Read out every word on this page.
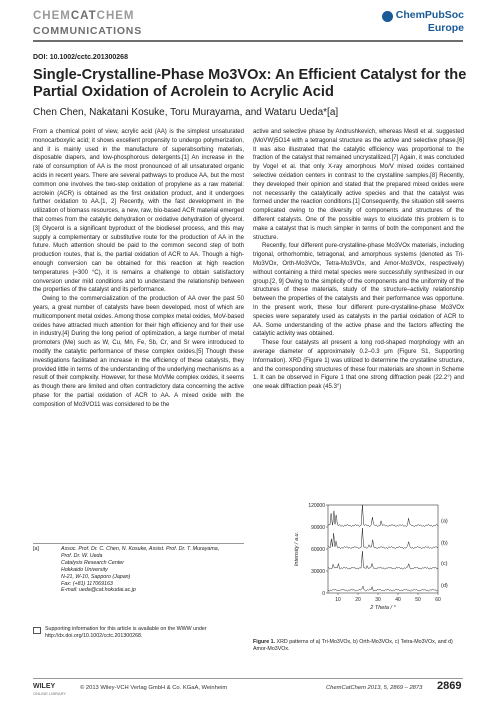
CHEMCATCHEM
COMMUNICATIONS
ChemPubSoc
Europe
DOI: 10.1002/cctc.201300268
Single-Crystalline-Phase Mo3VOx: An Efficient Catalyst for the Partial Oxidation of Acrolein to Acrylic Acid
Chen Chen, Nakatani Kosuke, Toru Murayama, and Wataru Ueda*[a]

From a chemical point of view, acrylic acid (AA) is the simplest unsaturated monocarboxylic acid; it shows excellent propensity to undergo polymerization, and it is mainly used in the manufacture of superabsorbing materials, disposable diapers, and low-phosphorous detergents.[1] An increase in the rate of consumption of AA is the most pronounced of all unsaturated organic acids in recent years. There are several pathways to produce AA, but the most common one involves the two-step oxidation of propylene as a raw material: acrolein (ACR) is obtained as the first oxidation product, and it undergoes further oxidation to AA.[1, 2] Recently, with the fast development in the utilization of biomass resources, a new, raw, bio-based ACR material emerged that comes from the catalytic dehydration or oxidative dehydration of glycerol.[3] Glycerol is a significant byproduct of the biodiesel process, and this may supply a complementary or substitutive route for the production of AA in the future. Much attention should be paid to the common second step of both production routes, that is, the partial oxidation of ACR to AA. Though a high-enough conversion can be obtained for this reaction at high reaction temperatures (≈300 °C), it is remains a challenge to obtain satisfactory conversion under mild conditions and to understand the relationship between the properties of the catalyst and its performance.

Owing to the commercialization of the production of AA over the past 50 years, a great number of catalysts have been developed, most of which are multicomponent metal oxides. Among those complex metal oxides, MoV-based oxides have attracted much attention for their high efficiency and for their use in industry.[4] During the long period of optimization, a large number of metal promoters (Me) such as W, Cu, Mn, Fe, Sb, Cr, and Sr were introduced to modify the catalytic performance of these complex oxides.[5] Though these investigations facilitated an increase in the efficiency of these catalysts, they provided little in terms of the understanding of the underlying mechanisms as a result of their complexity. However, for these MoVMe complex oxides, it seems as though there are limited and often contradictory data concerning the active phase for the partial oxidation of ACR to AA. A mixed oxide with the composition of Mo3VO11 was considered to be the

[a]	Assoc. Prof. Dr. C. Chen, N. Kosuke, Assist. Prof. Dr. T. Murayama,
Prof. Dr. W. Ueda
Catalysis Research Center
Hokkaido University
N-21, W-10, Sapporo (Japan)
Fax: (+81) 117069163
E-mail: ueda@cat.hokudai.ac.jp
Supporting information for this article is available on the WWW under
http://dx.doi.org/10.1002/cctc.201300268.

active and selective phase by Andrushkevich, whereas Mestl et al. suggested (MoVW)5O14 with a tetragonal structure as the active and selective phase.[6] It was also illustrated that the catalytic efficiency was proportional to the fraction of the catalyst that remained uncrystallized.[7] Again, it was concluded by Vogel et al. that only X-ray amorphous Mo/V mixed oxides contained selective oxidation centers in contrast to the crystalline samples.[8] Recently, they developed their opinion and stated that the prepared mixed oxides were not necessarily the catalytically active species and that the catalyst was formed under the reaction conditions.[1] Consequently, the situation still seems complicated owing to the diversity of components and structures of the different catalysts. One of the possible ways to elucidate this problem is to make a catalyst that is much simpler in terms of both the component and the structure.

Recently, four different pure-crystalline-phase Mo3VOx materials, including trigonal, orthorhombic, tetragonal, and amorphous systems (denoted as Tri-Mo3VOx, Orth-Mo3VOx, Tetra-Mo3VOx, and Amor-Mo3VOx, respectively) without containing a third metal species were successfully synthesized in our group.[2, 9] Owing to the simplicity of the components and the uniformity of the structures of these materials, study of the structure–activity relationship between the properties of the catalysts and their performance was opportune. In the present work, these four different pure-crystalline-phase Mo3VOx species were separately used as catalysts in the partial oxidation of ACR to AA. Some understanding of the active phase and the factors affecting the catalytic activity was obtained.

These four catalysts all present a long rod-shaped morphology with an average diameter of approximately 0.2–0.3 μm (Figure S1, Supporting Information). XRD (Figure 1) was utilized to determine the crystalline structure, and the corresponding structures of these four materials are shown in Scheme 1. It can be observed in Figure 1 that one strong diffraction peak (22.2°) and one weak diffraction peak (45.3°)

0
30000
60000
90000
120000
10	20	30	40	50	60
2 Theta / °
Intensity / a.u.
(a)
(b)
(c)
(d)
Figure 1. XRD patterns of a) Tri-Mo3VOx, b) Orth-Mo3VOx, c) Tetra-Mo3VOx, and d) Amor-Mo3VOx.
WILEY
ONLINE LIBRARY
© 2013 Wiley-VCH Verlag GmbH & Co. KGaA, Weinheim	ChemCatChem 2013, 5, 2869 – 2873 2869
